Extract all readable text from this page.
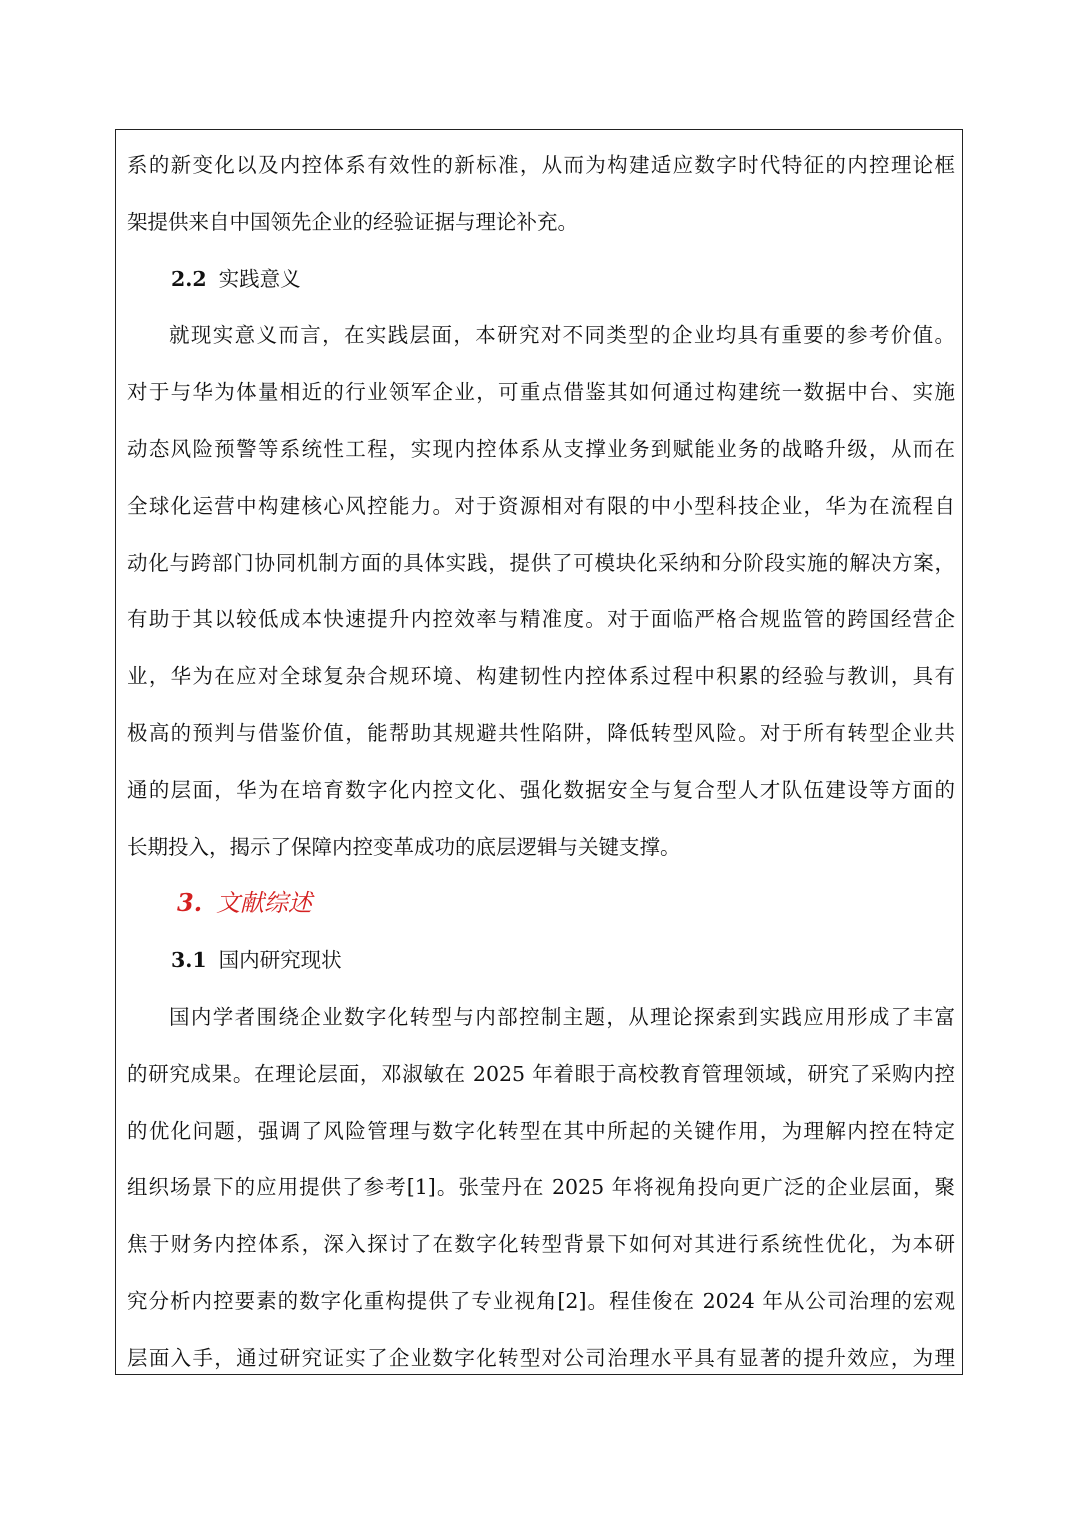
系的新变化以及内控体系有效性的新标准，从而为构建适应数字时代特征的内控理论框
架提供来自中国领先企业的经验证据与理论补充。
2.2 实践意义
就现实意义而言，在实践层面，本研究对不同类型的企业均具有重要的参考价值。
对于与华为体量相近的行业领军企业，可重点借鉴其如何通过构建统一数据中台、实施
动态风险预警等系统性工程，实现内控体系从支撑业务到赋能业务的战略升级，从而在
全球化运营中构建核心风控能力。对于资源相对有限的中小型科技企业，华为在流程自
动化与跨部门协同机制方面的具体实践，提供了可模块化采纳和分阶段实施的解决方案，
有助于其以较低成本快速提升内控效率与精准度。对于面临严格合规监管的跨国经营企
业，华为在应对全球复杂合规环境、构建韧性内控体系过程中积累的经验与教训，具有
极高的预判与借鉴价值，能帮助其规避共性陷阱，降低转型风险。对于所有转型企业共
通的层面，华为在培育数字化内控文化、强化数据安全与复合型人才队伍建设等方面的
长期投入，揭示了保障内控变革成功的底层逻辑与关键支撑。
3. 文献综述
3.1 国内研究现状
国内学者围绕企业数字化转型与内部控制主题，从理论探索到实践应用形成了丰富
的研究成果。在理论层面，邓淑敏在 2025 年着眼于高校教育管理领域，研究了采购内控
的优化问题，强调了风险管理与数字化转型在其中所起的关键作用，为理解内控在特定
组织场景下的应用提供了参考[1]。张莹丹在 2025 年将视角投向更广泛的企业层面，聚
焦于财务内控体系，深入探讨了在数字化转型背景下如何对其进行系统性优化，为本研
究分析内控要素的数字化重构提供了专业视角[2]。程佳俊在 2024 年从公司治理的宏观
层面入手，通过研究证实了企业数字化转型对公司治理水平具有显著的提升效应，为理
